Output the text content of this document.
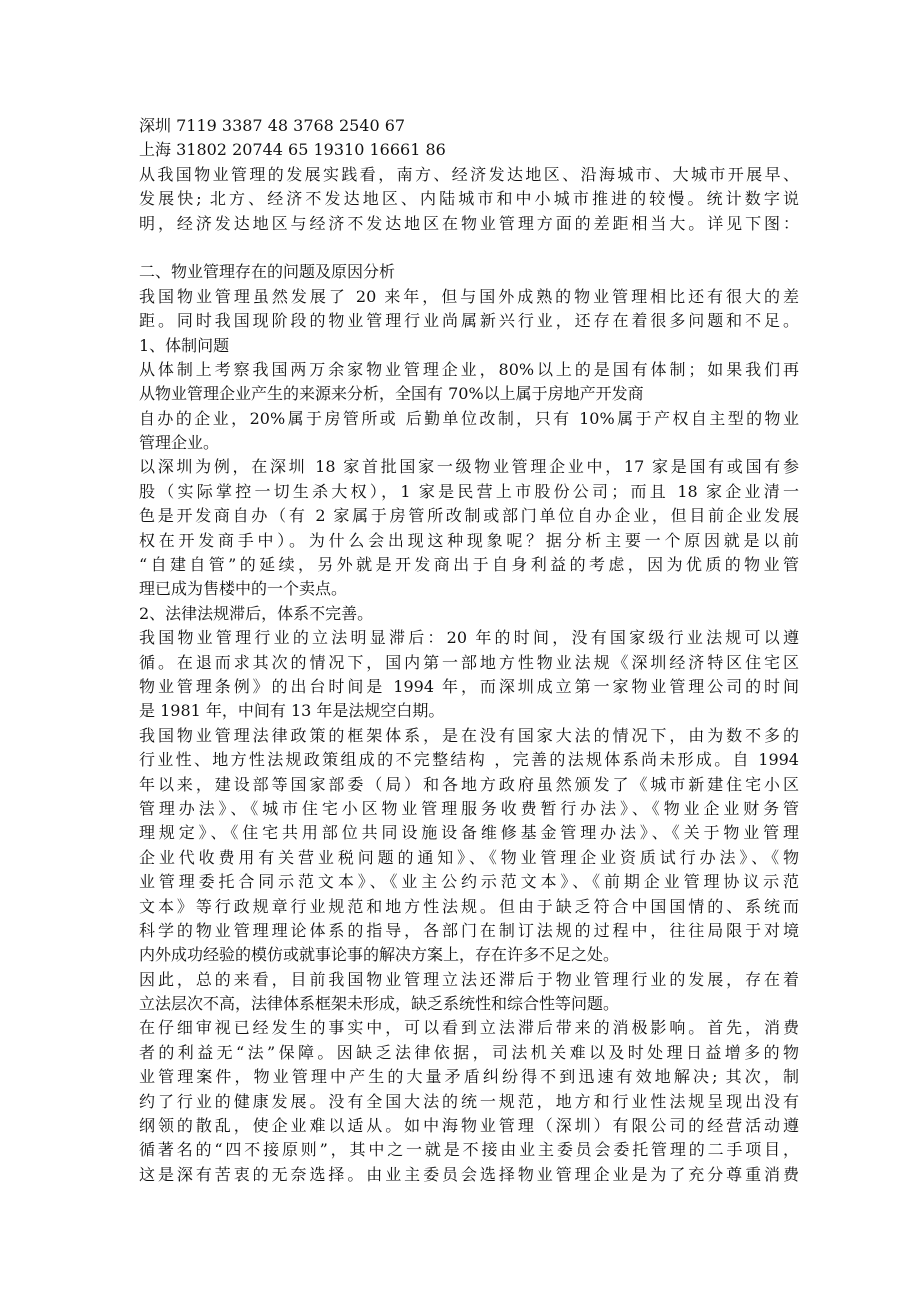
深圳 7119 3387 48 3768 2540 67
上海 31802 20744 65 19310 16661 86
从我国物业管理的发展实践看，南方、经济发达地区、沿海城市、大城市开展早、
发展快; 北方、经济不发达地区、内陆城市和中小城市推进的较慢。统计数字说
明，经济发达地区与经济不发达地区在物业管理方面的差距相当大。详见下图：
二、物业管理存在的问题及原因分析
我国物业管理虽然发展了 20 来年，但与国外成熟的物业管理相比还有很大的差
距。同时我国现阶段的物业管理行业尚属新兴行业，还存在着很多问题和不足。
1、体制问题
从体制上考察我国两万余家物业管理企业，80%以上的是国有体制；如果我们再
从物业管理企业产生的来源来分析，全国有 70%以上属于房地产开发商
自办的企业，20%属于房管所或 后勤单位改制，只有 10%属于产权自主型的物业
管理企业。
以深圳为例，在深圳 18 家首批国家一级物业管理企业中，17 家是国有或国有参
股（实际掌控一切生杀大权），1 家是民营上市股份公司；而且 18 家企业清一
色是开发商自办（有 2 家属于房管所改制或部门单位自办企业，但目前企业发展
权在开发商手中）。为什么会出现这种现象呢？据分析主要一个原因就是以前
“自建自管”的延续，另外就是开发商出于自身利益的考虑，因为优质的物业管
理已成为售楼中的一个卖点。
2、法律法规滞后，体系不完善。
我国物业管理行业的立法明显滞后：20 年的时间，没有国家级行业法规可以遵
循。在退而求其次的情况下，国内第一部地方性物业法规《深圳经济特区住宅区
物业管理条例》的出台时间是 1994 年，而深圳成立第一家物业管理公司的时间
是 1981 年，中间有 13 年是法规空白期。
我国物业管理法律政策的框架体系，是在没有国家大法的情况下，由为数不多的
行业性、地方性法规政策组成的不完整结构 ，完善的法规体系尚未形成。自 1994
年以来，建设部等国家部委（局）和各地方政府虽然颁发了《城市新建住宅小区
管理办法》、《城市住宅小区物业管理服务收费暂行办法》、《物业企业财务管
理规定》、《住宅共用部位共同设施设备维修基金管理办法》、《关于物业管理
企业代收费用有关营业税问题的通知》、《物业管理企业资质试行办法》、《物
业管理委托合同示范文本》、《业主公约示范文本》、《前期企业管理协议示范
文本》等行政规章行业规范和地方性法规。但由于缺乏符合中国国情的、系统而
科学的物业管理理论体系的指导，各部门在制订法规的过程中，往往局限于对境
内外成功经验的模仿或就事论事的解决方案上，存在许多不足之处。
因此，总的来看，目前我国物业管理立法还滞后于物业管理行业的发展，存在着
立法层次不高，法律体系框架未形成，缺乏系统性和综合性等问题。
在仔细审视已经发生的事实中，可以看到立法滞后带来的消极影响。首先，消费
者的利益无“法”保障。因缺乏法律依据，司法机关难以及时处理日益增多的物
业管理案件，物业管理中产生的大量矛盾纠纷得不到迅速有效地解决; 其次，制
约了行业的健康发展。没有全国大法的统一规范，地方和行业性法规呈现出没有
纲领的散乱，使企业难以适从。如中海物业管理（深圳）有限公司的经营活动遵
循著名的“四不接原则”，其中之一就是不接由业主委员会委托管理的二手项目，
这是深有苦衷的无奈选择。由业主委员会选择物业管理企业是为了充分尊重消费
